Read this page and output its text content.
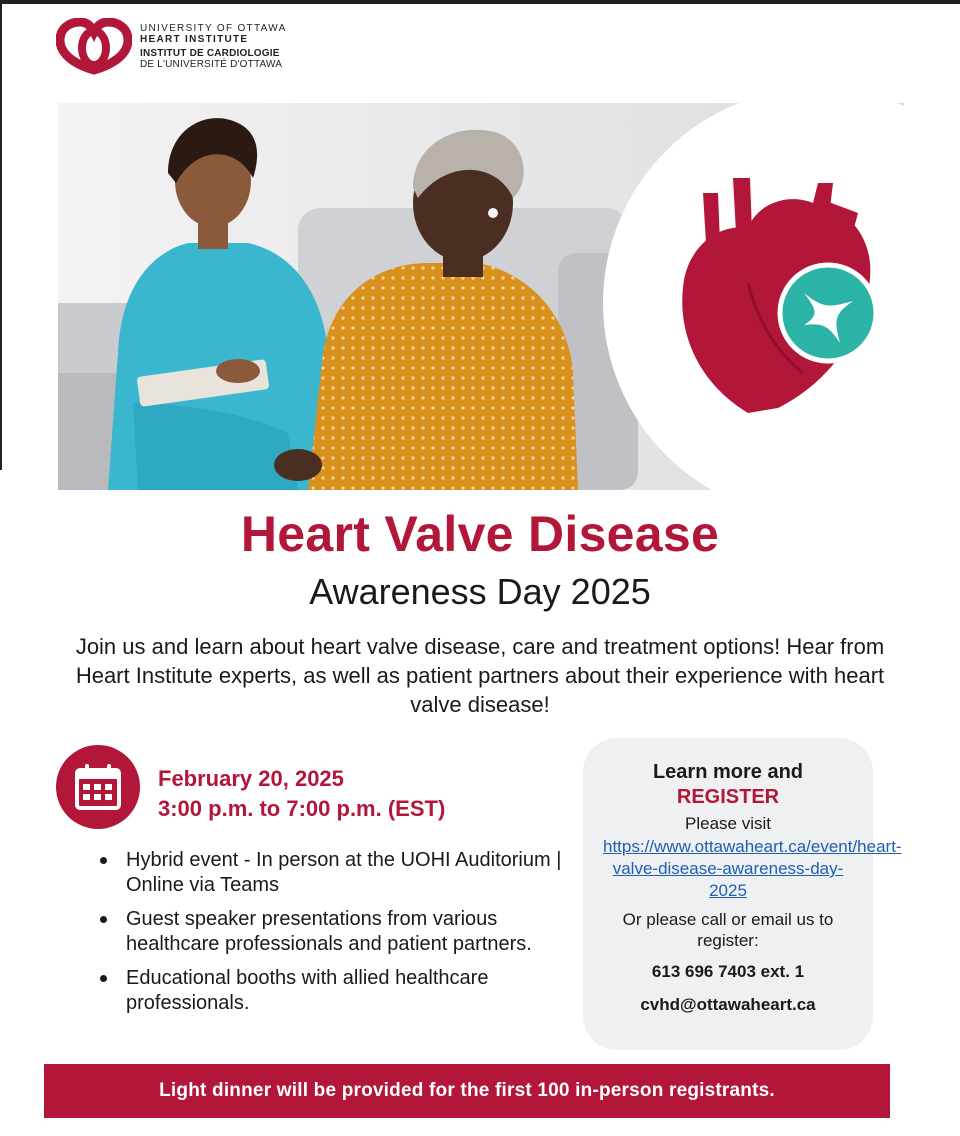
UNIVERSITY OF OTTAWA
HEART INSTITUTE
INSTITUT DE CARDIOLOGIE
DE L'UNIVERSITÉ D'OTTAWA
Heart Valve Disease
Awareness Day 2025
Join us and learn about heart valve disease, care and treatment options! Hear from Heart Institute experts, as well as patient partners about their experience with heart valve disease!
February 20, 2025
3:00 p.m. to 7:00 p.m. (EST)
Hybrid event - In person at the UOHI Auditorium | Online via Teams
Guest speaker presentations from various healthcare professionals and patient partners.
Educational booths with allied healthcare professionals.
Learn more and
REGISTER
Please visit
https://www.ottawaheart.ca/event/heart-valve-disease-awareness-day-2025
Or please call or email us to register:
613 696 7403 ext. 1
cvhd@ottawaheart.ca
Light dinner will be provided for the first 100 in-person registrants.
